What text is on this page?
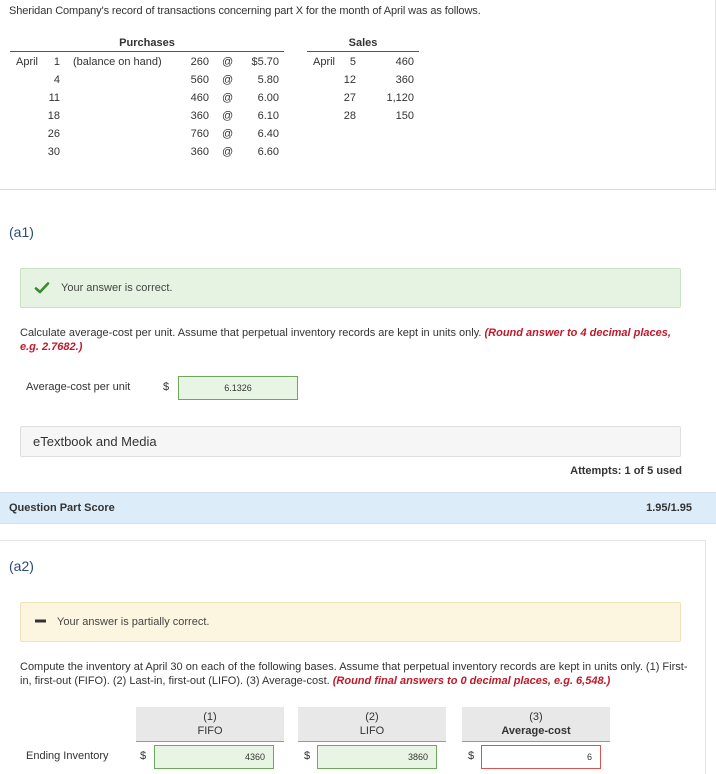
Sheridan Company's record of transactions concerning part X for the month of April was as follows.
Purchases	Sales
April	1 (balance on hand)	260 @	$5.70
4	560 @	5.80
11	460 @	6.00
18	360 @	6.10
26	760 @	6.40
30	360 @	6.60
April	5	460
12	360
27	1,120
28	150
(a1)
Your answer is correct.
Calculate average-cost per unit. Assume that perpetual inventory records are kept in units only. (Round answer to 4 decimal places, e.g. 2.7682.)
Average-cost per unit	$	6.1326
eTextbook and Media
Attempts: 1 of 5 used
Question Part Score	1.95/1.95
(a2)
Your answer is partially correct.
Compute the inventory at April 30 on each of the following bases. Assume that perpetual inventory records are kept in units only. (1) First-in, first-out (FIFO). (2) Last-in, first-out (LIFO). (3) Average-cost. (Round final answers to 0 decimal places, e.g. 6,548.)
(1)
FIFO
(2)
LIFO
(3)
Average-cost
Ending Inventory	$	4360	$	3860	$	6
